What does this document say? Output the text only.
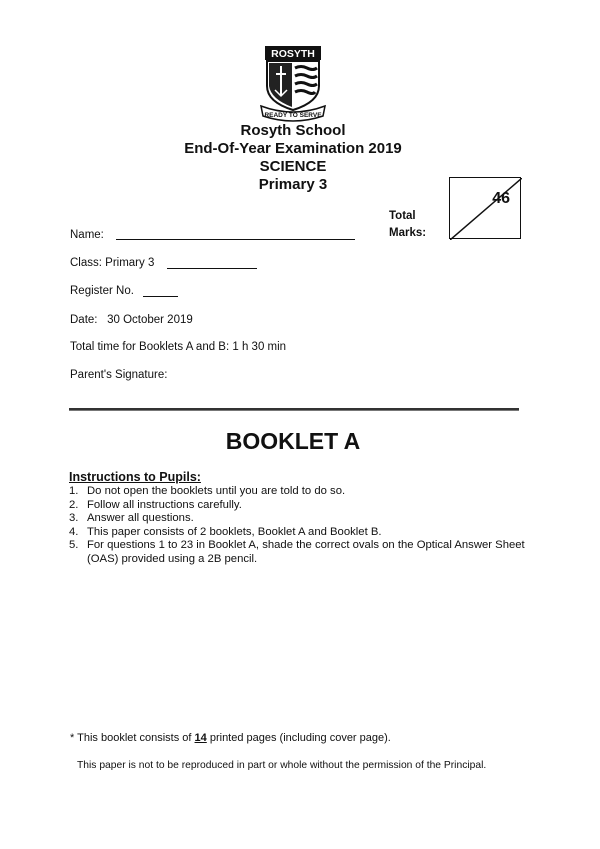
ROSYTH
READY TO SERVE
Rosyth School
End-Of-Year Examination 2019
SCIENCE
Primary 3
Total
Marks:
46
Name:
Class: Primary 3
Register No.
Date: 30 October 2019
Total time for Booklets A and B: 1 h 30 min
Parent's Signature:
BOOKLET A
Instructions to Pupils:
1. Do not open the booklets until you are told to do so.
2. Follow all instructions carefully.
3. Answer all questions.
4. This paper consists of 2 booklets, Booklet A and Booklet B.
5. For questions 1 to 23 in Booklet A, shade the correct ovals on the Optical Answer Sheet (OAS) provided using a 2B pencil.
* This booklet consists of 14 printed pages (including cover page).
This paper is not to be reproduced in part or whole without the permission of the Principal.
